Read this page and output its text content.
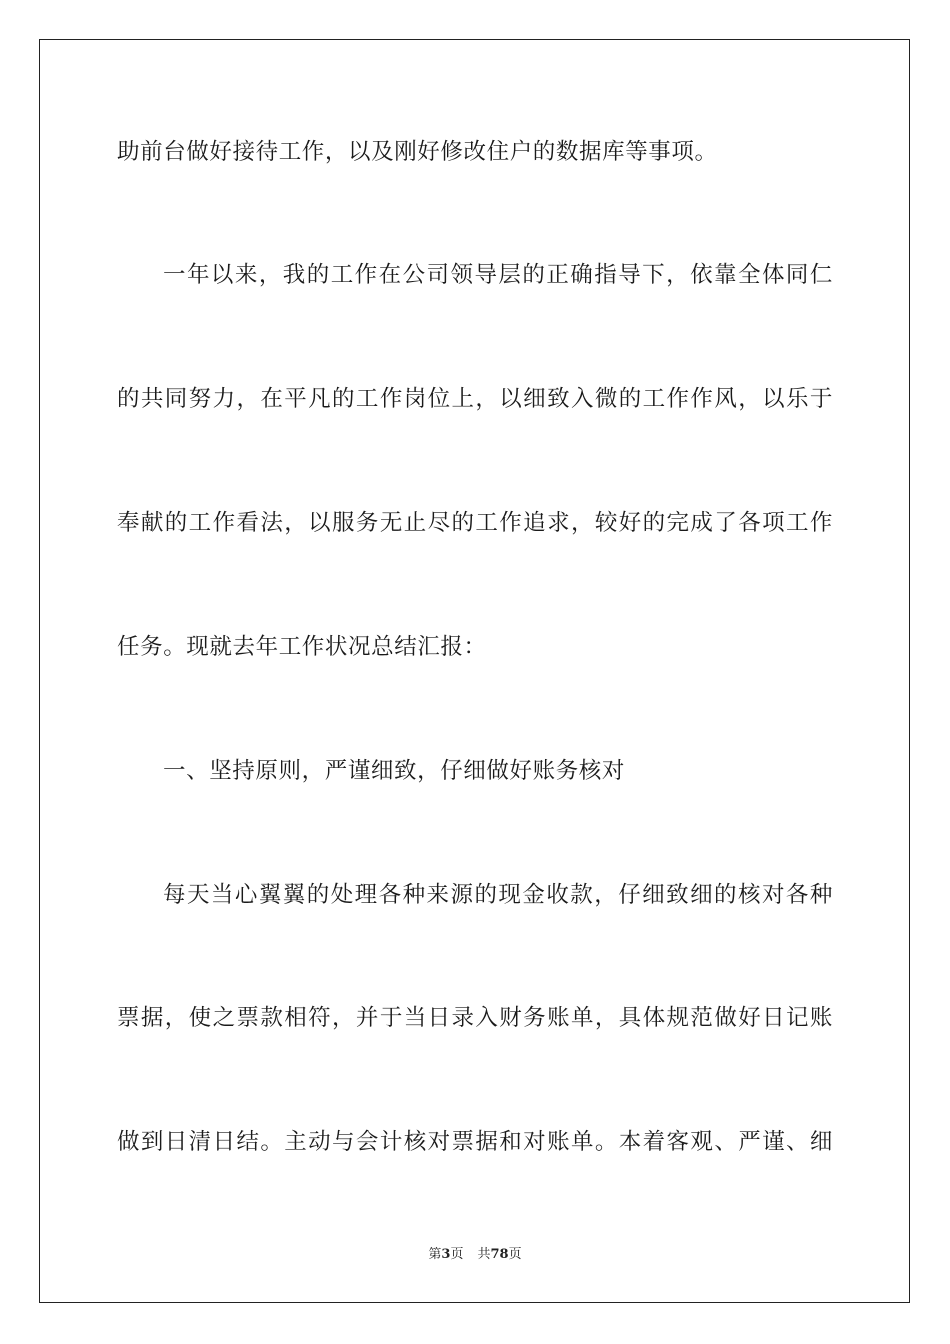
助前台做好接待工作，以及刚好修改住户的数据库等事项。
一年以来，我的工作在公司领导层的正确指导下，依靠全体同仁
的共同努力，在平凡的工作岗位上，以细致入微的工作作风，以乐于
奉献的工作看法，以服务无止尽的工作追求，较好的完成了各项工作
任务。现就去年工作状况总结汇报：
一、坚持原则，严谨细致，仔细做好账务核对
每天当心翼翼的处理各种来源的现金收款，仔细致细的核对各种
票据，使之票款相符，并于当日录入财务账单，具体规范做好日记账
做到日清日结。主动与会计核对票据和对账单。本着客观、严谨、细
第3页 共78页
